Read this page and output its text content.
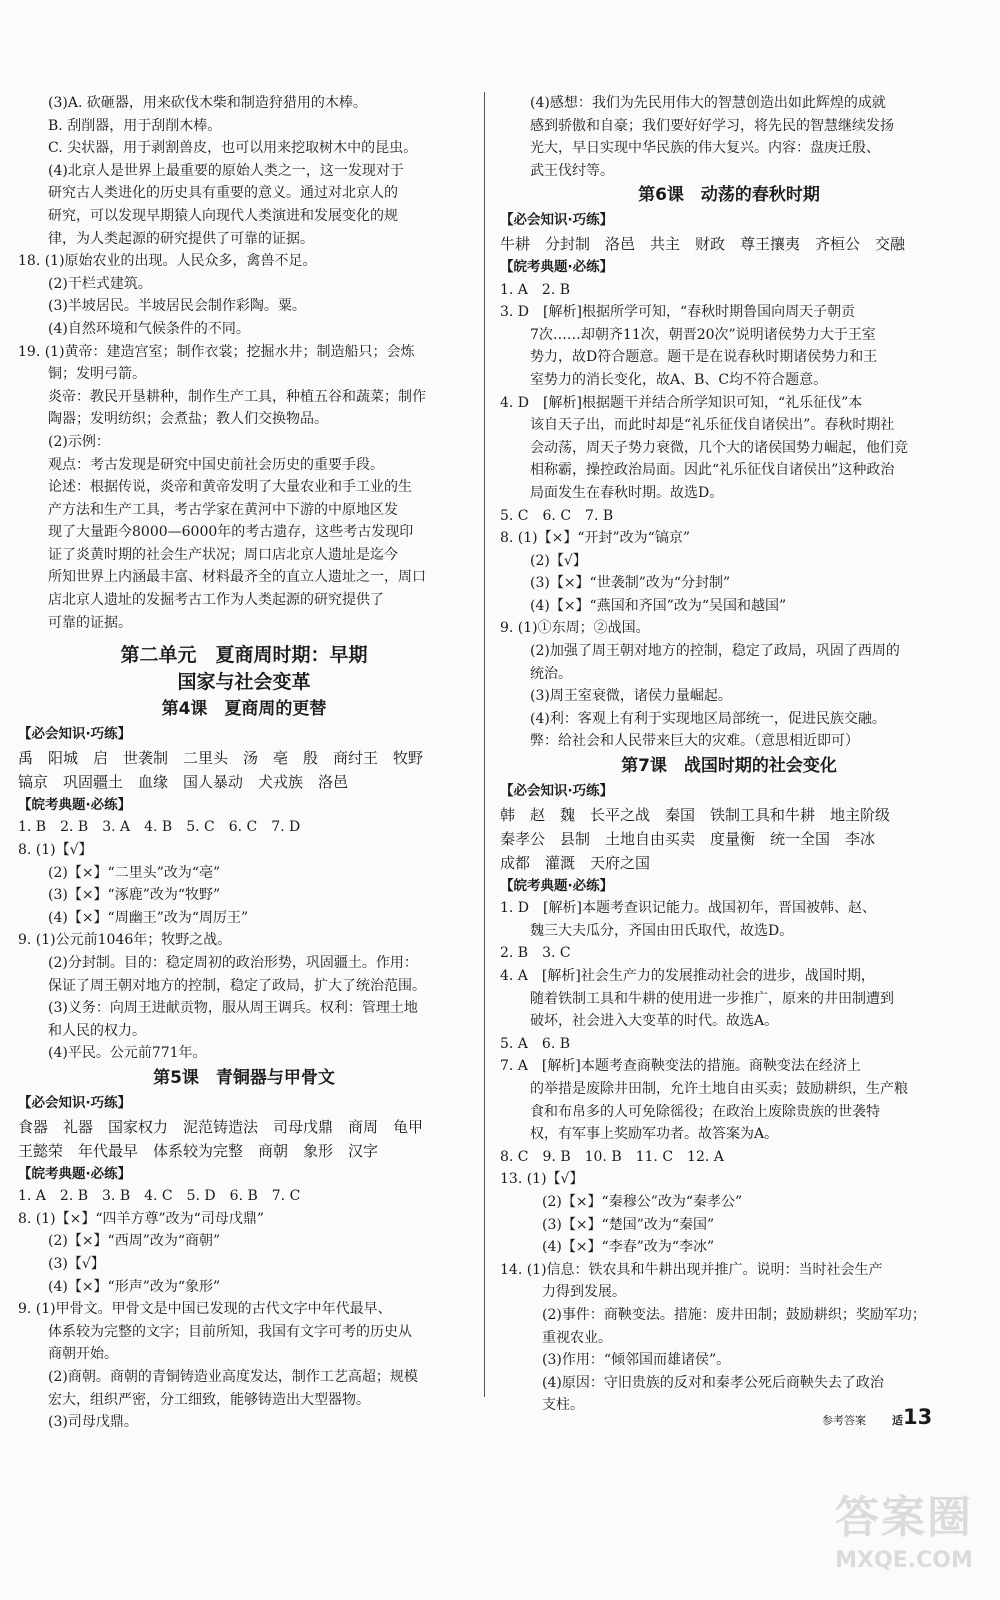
(3)A. 砍砸器，用来砍伐木柴和制造狩猎用的木棒。
B. 刮削器，用于刮削木棒。
C. 尖状器，用于剥割兽皮，也可以用来挖取树木中的昆虫。
(4)北京人是世界上最重要的原始人类之一，这一发现对于
研究古人类进化的历史具有重要的意义。通过对北京人的
研究，可以发现早期猿人向现代人类演进和发展变化的规
律，为人类起源的研究提供了可靠的证据。
18. (1)原始农业的出现。人民众多，禽兽不足。
(2)干栏式建筑。
(3)半坡居民。半坡居民会制作彩陶。粟。
(4)自然环境和气候条件的不同。
19. (1)黄帝：建造宫室；制作衣裳；挖掘水井；制造船只；会炼
铜；发明弓箭。
炎帝：教民开垦耕种，制作生产工具，种植五谷和蔬菜；制作
陶器；发明纺织；会煮盐；教人们交换物品。
(2)示例：
观点：考古发现是研究中国史前社会历史的重要手段。
论述：根据传说，炎帝和黄帝发明了大量农业和手工业的生
产方法和生产工具，考古学家在黄河中下游的中原地区发
现了大量距今8000—6000年的考古遗存，这些考古发现印
证了炎黄时期的社会生产状况；周口店北京人遗址是迄今
所知世界上内涵最丰富、材料最齐全的直立人遗址之一，周口
店北京人遗址的发掘考古工作为人类起源的研究提供了
可靠的证据。
第二单元　夏商周时期：早期
国家与社会变革
第4课　夏商周的更替
【必会知识·巧练】
禹　阳城　启　世袭制　二里头　汤　亳　殷　商纣王　牧野
镐京　巩固疆土　血缘　国人暴动　犬戎族　洛邑
【皖考典题·必练】
1. B　2. B　3. A　4. B　5. C　6. C　7. D
8. (1)【√】
(2)【×】“二里头”改为“亳”
(3)【×】“涿鹿”改为“牧野”
(4)【×】“周幽王”改为“周厉王”
9. (1)公元前1046年；牧野之战。
(2)分封制。目的：稳定周初的政治形势，巩固疆土。作用：
保证了周王朝对地方的控制，稳定了政局，扩大了统治范围。
(3)义务：向周王进献贡物，服从周王调兵。权利：管理土地
和人民的权力。
(4)平民。公元前771年。
第5课　青铜器与甲骨文
【必会知识·巧练】
食器　礼器　国家权力　泥范铸造法　司母戊鼎　商周　龟甲
王懿荣　年代最早　体系较为完整　商朝　象形　汉字
【皖考典题·必练】
1. A　2. B　3. B　4. C　5. D　6. B　7. C
8. (1)【×】“四羊方尊”改为“司母戊鼎”
(2)【×】“西周”改为“商朝”
(3)【√】
(4)【×】“形声”改为“象形”
9. (1)甲骨文。甲骨文是中国已发现的古代文字中年代最早、
体系较为完整的文字；目前所知，我国有文字可考的历史从
商朝开始。
(2)商朝。商朝的青铜铸造业高度发达，制作工艺高超；规模
宏大，组织严密，分工细致，能够铸造出大型器物。
(3)司母戊鼎。
(4)感想：我们为先民用伟大的智慧创造出如此辉煌的成就
感到骄傲和自豪；我们要好好学习，将先民的智慧继续发扬
光大，早日实现中华民族的伟大复兴。内容：盘庚迁殷、
武王伐纣等。
第6课　动荡的春秋时期
【必会知识·巧练】
牛耕　分封制　洛邑　共主　财政　尊王攘夷　齐桓公　交融
【皖考典题·必练】
1. A　2. B
3. D　[解析]根据所学可知，“春秋时期鲁国向周天子朝贡
7次……却朝齐11次，朝晋20次”说明诸侯势力大于王室
势力，故D符合题意。题干是在说春秋时期诸侯势力和王
室势力的消长变化，故A、B、C均不符合题意。
4. D　[解析]根据题干并结合所学知识可知，“礼乐征伐”本
该自天子出，而此时却是“礼乐征伐自诸侯出”。春秋时期社
会动荡，周天子势力衰微，几个大的诸侯国势力崛起，他们竞
相称霸，操控政治局面。因此“礼乐征伐自诸侯出”这种政治
局面发生在春秋时期。故选D。
5. C　6. C　7. B
8. (1)【×】“开封”改为“镐京”
(2)【√】
(3)【×】“世袭制”改为“分封制”
(4)【×】“燕国和齐国”改为“吴国和越国”
9. (1)①东周；②战国。
(2)加强了周王朝对地方的控制，稳定了政局，巩固了西周的
统治。
(3)周王室衰微，诸侯力量崛起。
(4)利：客观上有利于实现地区局部统一，促进民族交融。
弊：给社会和人民带来巨大的灾难。（意思相近即可）
第7课　战国时期的社会变化
【必会知识·巧练】
韩　赵　魏　长平之战　秦国　铁制工具和牛耕　地主阶级
秦孝公　县制　土地自由买卖　度量衡　统一全国　李冰
成都　灌溉　天府之国
【皖考典题·必练】
1. D　[解析]本题考查识记能力。战国初年，晋国被韩、赵、
魏三大夫瓜分，齐国由田氏取代，故选D。
2. B　3. C
4. A　[解析]社会生产力的发展推动社会的进步，战国时期，
随着铁制工具和牛耕的使用进一步推广，原来的井田制遭到
破坏，社会进入大变革的时代。故选A。
5. A　6. B
7. A　[解析]本题考查商鞅变法的措施。商鞅变法在经济上
的举措是废除井田制，允许土地自由买卖；鼓励耕织，生产粮
食和布帛多的人可免除徭役；在政治上废除贵族的世袭特
权，有军事上奖励军功者。故答案为A。
8. C　9. B　10. B　11. C　12. A
13. (1)【√】
(2)【×】“秦穆公”改为“秦孝公”
(3)【×】“楚国”改为“秦国”
(4)【×】“李春”改为“李冰”
14. (1)信息：铁农具和牛耕出现并推广。说明：当时社会生产
力得到发展。
(2)事件：商鞅变法。措施：废井田制；鼓励耕织；奖励军功；
重视农业。
(3)作用：“倾邻国而雄诸侯”。
(4)原因：守旧贵族的反对和秦孝公死后商鞅失去了政治
支柱。
参考答案 适13
答案圈
MXQE.COM
